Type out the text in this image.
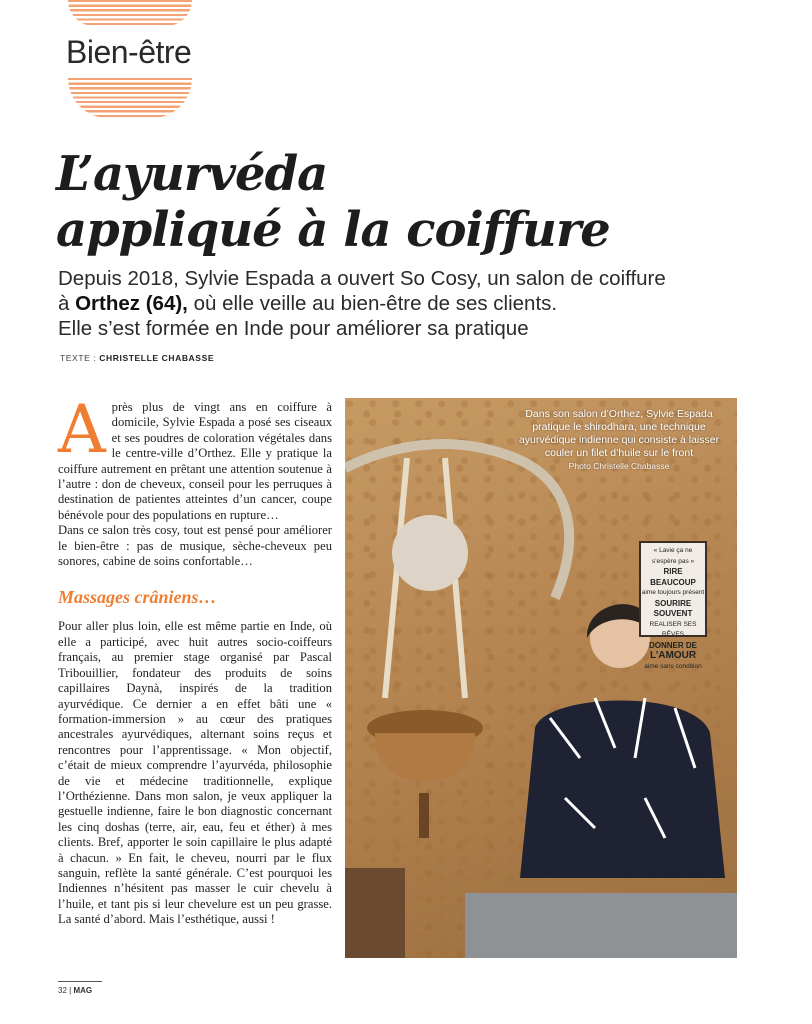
Bien-être
L’ayurvéda
appliqué à la coiffure
Depuis 2018, Sylvie Espada a ouvert So Cosy, un salon de coiffure
à Orthez (64), où elle veille au bien-être de ses clients.
Elle s’est formée en Inde pour améliorer sa pratique
TEXTE : CHRISTELLE CHABASSE
A près plus de vingt ans en coiffure à domicile, Sylvie Espada a posé ses ciseaux et ses poudres de coloration végétales dans le centre-ville d’Orthez. Elle y pratique la coiffure autrement en prêtant une attention soutenue à l’autre : don de cheveux, conseil pour les perruques à destination de patientes atteintes d’un cancer, coupe bénévole pour des populations en rupture…

Dans ce salon très cosy, tout est pensé pour améliorer le bien-être : pas de musique, sèche-cheveux peu sonores, cabine de soins confortable…

Massages crâniens…

Pour aller plus loin, elle est même partie en Inde, où elle a participé, avec huit autres socio-coiffeurs français, au premier stage organisé par Pascal Tribouillier, fondateur des produits de soins capillaires Daynà, inspirés de la tradition ayurvédique. Ce dernier a en effet bâti une « formation-immersion » au cœur des pratiques ancestrales ayurvédiques, alternant soins reçus et rencontres pour l’apprentissage. « Mon objectif, c’était de mieux comprendre l’ayurvéda, philosophie de vie et médecine traditionnelle, explique l’Orthézienne. Dans mon salon, je veux appliquer la gestuelle indienne, faire le bon diagnostic concernant les cinq doshas (terre, air, eau, feu et éther) à mes clients. Bref, apporter le soin capillaire le plus adapté à chacun. » En fait, le cheveu, nourri par le flux sanguin, reflète la santé générale. C’est pourquoi les Indiennes n’hésitent pas masser le cuir chevelu à l’huile, et tant pis si leur chevelure est un peu grasse. La santé d’abord. Mais l’esthétique, aussi !

« Lavie ça ne s’espère pas »
RIRE BEAUCOUP
aime toujours présent
SOURIRE SOUVENT
REALISER SES RÊVES
DONNER DE
L’AMOUR
aime sans condition
Dans son salon d’Orthez, Sylvie Espada pratique le shirodhara, une technique ayurvédique indienne qui consiste à laisser couler un filet d’huile sur le front
Photo Christelle Chabasse
32 | MAG
